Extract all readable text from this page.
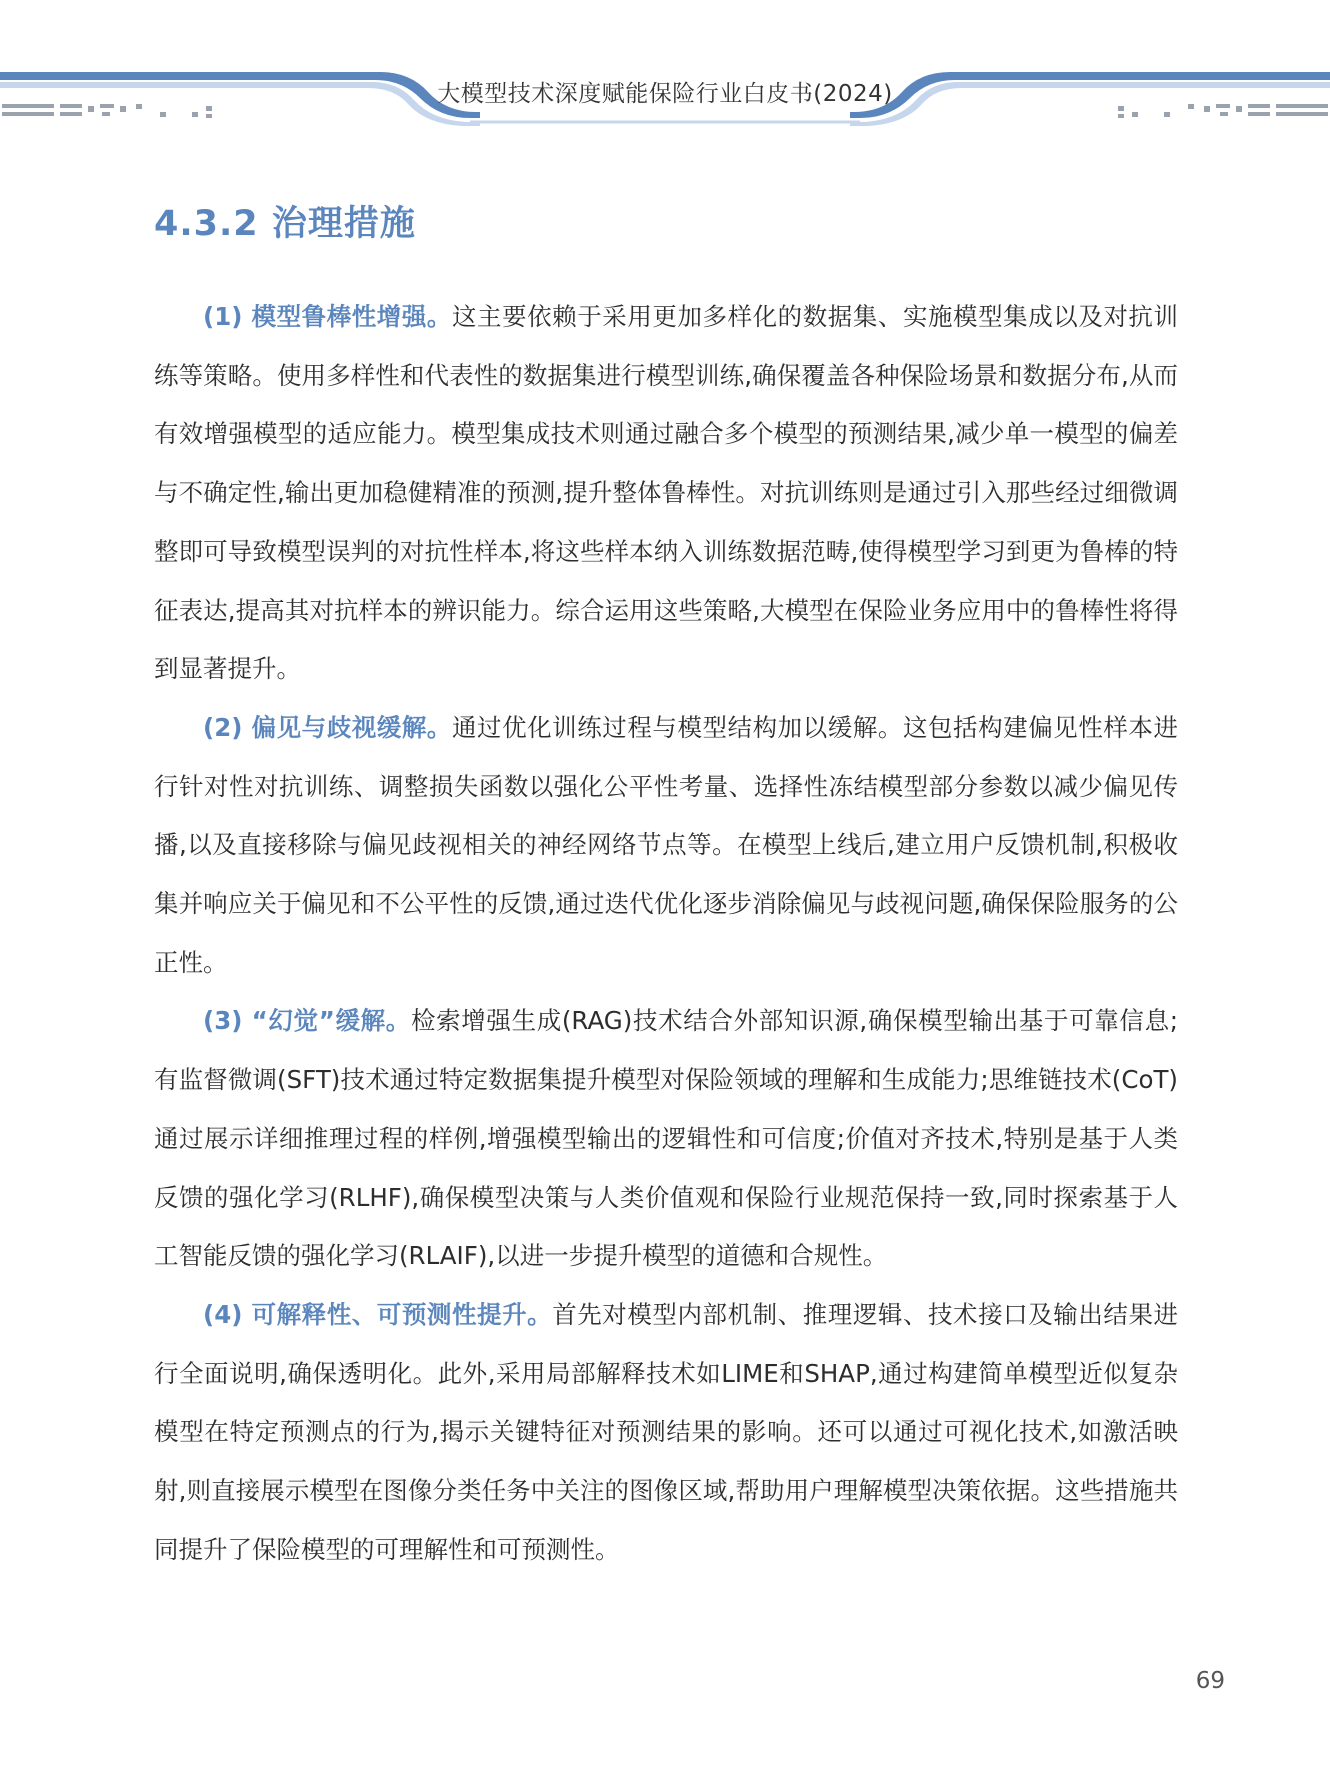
大模型技术深度赋能保险行业白皮书(2024)
4.3.2 治理措施

(1) 模型鲁棒性增强。这主要依赖于采用更加多样化的数据集、实施模型集成以及对抗训练等策略。使用多样性和代表性的数据集进行模型训练,确保覆盖各种保险场景和数据分布,从而有效增强模型的适应能力。模型集成技术则通过融合多个模型的预测结果,减少单一模型的偏差与不确定性,输出更加稳健精准的预测,提升整体鲁棒性。对抗训练则是通过引入那些经过细微调整即可导致模型误判的对抗性样本,将这些样本纳入训练数据范畴,使得模型学习到更为鲁棒的特征表达,提高其对抗样本的辨识能力。综合运用这些策略,大模型在保险业务应用中的鲁棒性将得到显著提升。

(2) 偏见与歧视缓解。通过优化训练过程与模型结构加以缓解。这包括构建偏见性样本进行针对性对抗训练、调整损失函数以强化公平性考量、选择性冻结模型部分参数以减少偏见传播,以及直接移除与偏见歧视相关的神经网络节点等。在模型上线后,建立用户反馈机制,积极收集并响应关于偏见和不公平性的反馈,通过迭代优化逐步消除偏见与歧视问题,确保保险服务的公正性。

(3) “幻觉”缓解。检索增强生成(RAG)技术结合外部知识源,确保模型输出基于可靠信息;有监督微调(SFT)技术通过特定数据集提升模型对保险领域的理解和生成能力;思维链技术(CoT)通过展示详细推理过程的样例,增强模型输出的逻辑性和可信度;价值对齐技术,特别是基于人类反馈的强化学习(RLHF),确保模型决策与人类价值观和保险行业规范保持一致,同时探索基于人工智能反馈的强化学习(RLAIF),以进一步提升模型的道德和合规性。

(4) 可解释性、可预测性提升。首先对模型内部机制、推理逻辑、技术接口及输出结果进行全面说明,确保透明化。此外,采用局部解释技术如LIME和SHAP,通过构建简单模型近似复杂模型在特定预测点的行为,揭示关键特征对预测结果的影响。还可以通过可视化技术,如激活映射,则直接展示模型在图像分类任务中关注的图像区域,帮助用户理解模型决策依据。这些措施共同提升了保险模型的可理解性和可预测性。

69
